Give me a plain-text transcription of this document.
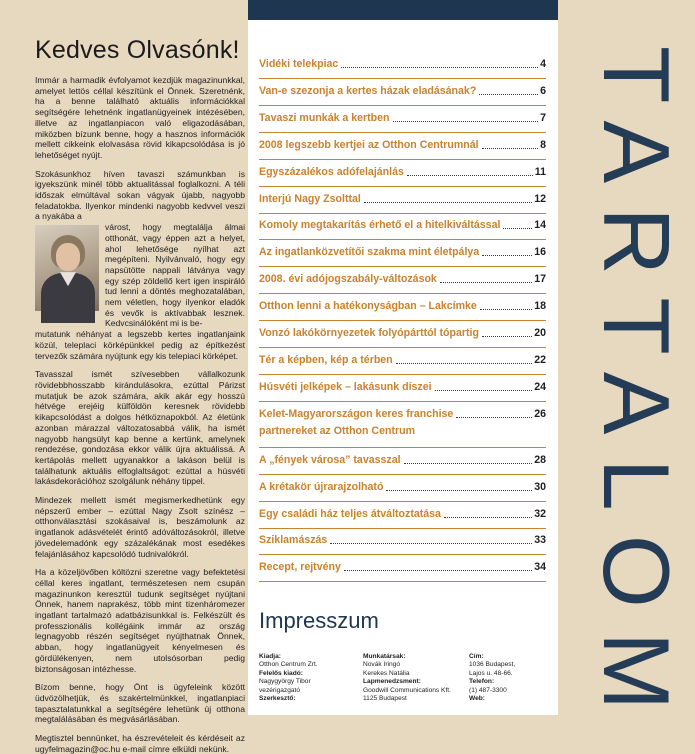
Kedves Olvasónk!

Immár a harmadik évfolyamot kezdjük magazinunkkal, amelyet lettös céllal készítünk el Önnek. Szeretnénk, ha a benne található aktuális információkkal segítségére lehetnénk ingatlanügyeinek intézésében, illetve az ingatlanpiacon való eligazodásában, miközben bízunk benne, hogy a hasznos információk mellett cikkeink elolvasása rövid kikapcsolódása is jó lehetőséget nyújt.

Szokásunkhoz híven tavaszi számunkban is igyekszünk minél több aktualitással foglalkozni. A téli időszak elmúltával sokan vágyak újabb, nagyobb feladatokba. Ilyenkor mindenki nagyobb kedvvel veszi a nyakába a

várost, hogy megtalálja álmai otthonát, vagy éppen azt a helyet, ahol lehetősége nyílhat azt megépíteni. Nyilvánvaló, hogy egy napsütötte nappali látványa vagy egy szép zöldellő kert igen inspiráló tud lenni a döntés meghozatalában, nem véletlen, hogy ilyenkor eladók és vevők is aktívabbak lesznek. Kedvcsinálóként mi is be-

mutatunk néhányat a legszebb kertes ingatlanjaink közül, teleplaci körképünkkel pedig az építkezést tervezők számára nyújtunk egy kis telepiaci körképet.

Tavasszal ismét szívesebben vállalkozunk rövidebbhosszabb kirándulásokra, ezúttal Párizst mutatjuk be azok számára, akik akár egy hosszú hétvége erejéig külföldön keresnek rövidebb kikapcsolódást a dolgos hétköznapokból. Az életünk azonban márazzal változatosabbá válik, ha ismét nagyobb hangsúlyt kap benne a kertünk, amelynek rendezése, gondozása ekkor válik újra aktuálissá. A kertápolás mellett ugyanakkor a lakáson belül is találhatunk aktuális elfoglaltságot: ezúttal a húsvéti lakásdekorációhoz szolgálunk néhány tippel.

Mindezek mellett ismét megismerkedhetünk egy népszerű ember – ezúttal Nagy Zsolt színész – otthonválasztási szokásaival is, beszámolunk az ingatlanok adásvételét érintő adóváltozásokról, illetve jövedelemadónk egy százalékának most esedékes felajánlásához kapcsolódó tudnivalókról.

Ha a közeljövőben költözni szeretne vagy befektetési céllal keres ingatlant, természetesen nem csupán magazinunkon keresztül tudunk segítséget nyújtani Önnek, hanem naprakész, több mint tizenháromezer ingatlant tartalmazó adatbázisunkkal is. Felkészült és professzionális kollégáink immár az ország legnagyobb részén segítséget nyújthatnak Önnek, abban, hogy ingatlanügyeit kényelmesen és gördülékenyen, nem utolsósorban pedig biztonságosan intézhesse.

Bízom benne, hogy Önt is ügyfeleink között üdvözölhetjük, és szakértelmünkkel, ingatlanpiaci tapasztalatunkkal a segítségére lehetünk új otthona megtalálásában és megvásárlásában.

Megtisztel bennünket, ha észrevételeit és kérdéseit az ugyfelmagazin@oc.hu e-mail címre elküldi nekünk.

Vidéki telekpiac	4
Van-e szezonja a kertes házak eladásának?	6
Tavaszi munkák a kertben	7
2008 legszebb kertjei az Otthon Centrumnál	8
Egyszázalékos adófelajánlás	11
Interjú Nagy Zsolttal	12
Komoly megtakarítás érhető el a hitelkiváltással	14
Az ingatlanközvetítői szakma mint életpálya	16
2008. évi adójogszabály-változások	17
Otthon lenni a hatékonyságban – Lakcímke	18
Vonzó lakókörnyezetek folyópárttól tópartig	20
Tér a képben, kép a térben	22
Húsvéti jelképek – lakásunk díszei	24
Kelet-Magyarországon keres franchise	26
partnereket az Otthon Centrum
A „fények városa” tavasszal	28
A krétakör újrarajzolható	30
Egy családi ház teljes átváltoztatása	32
Sziklamászás	33
Recept, rejtvény	34
Impresszum
Kiadja:
Otthon Centrum Zrt.
Felelős kiadó:
Nagygyörgy Tibor
vezérigazgató
Szerkesztő:
Munkatársak:
Novák Iringó
Kerekes Natália
Lapmenedzsment:
Goodwill Communications Kft.
1125 Budapest
Cím:
1036 Budapest,
Lajos u. 48-66.
Telefon:
(1) 487-3300
Web:	TARTALOM
